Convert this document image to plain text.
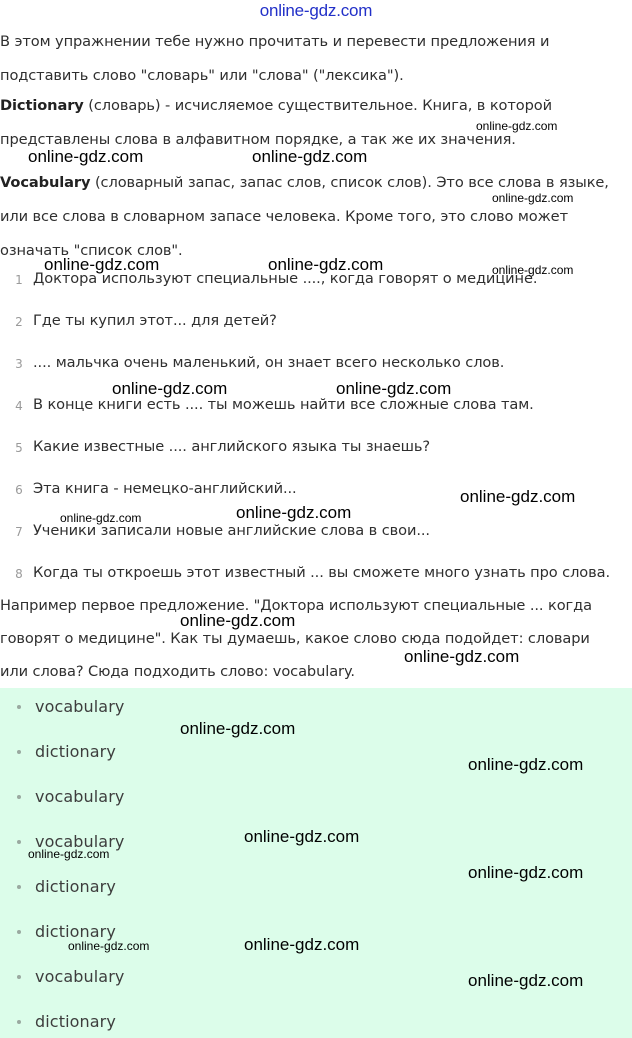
online-gdz.com

В этом упражнении тебе нужно прочитать и перевести предложения и
подставить слово "словарь" или "слова" ("лексика").

Dictionary (словарь) - исчисляемое существительное. Книга, в которой
представлены слова в алфавитном порядке, а так же их значения.

Vocabulary (словарный запас, запас слов, список слов). Это все слова в языке,
или все слова в словарном запасе человека. Кроме того, это слово может
означать "список слов".

1 Доктора используют специальные ...., когда говорят о медицине.
2 Где ты купил этот... для детей?
3 .... мальчка очень маленький, он знает всего несколько слов.
4 В конце книги есть .... ты можешь найти все сложные слова там.
5 Какие известные .... английского языка ты знаешь?
6 Эта книга - немецко-английский...
7 Ученики записали новые английские слова в свои...
8 Когда ты откроешь этот известный ... вы сможете много узнать про слова.

Например первое предложение. "Доктора используют специальные ... когда
говорят о медицине". Как ты думаешь, какое слово сюда подойдет: словари
или слова? Сюда подходить слово: vocabulary.

vocabulary
dictionary
vocabulary
vocabulary
dictionary
dictionary
vocabulary
dictionary
online-gdz.com
online-gdz.com	online-gdz.com
online-gdz.com
online-gdz.com	online-gdz.com	online-gdz.com
online-gdz.com	online-gdz.com
online-gdz.com
online-gdz.com
online-gdz.com
online-gdz.com
online-gdz.com
online-gdz.com
online-gdz.com
online-gdz.com
online-gdz.com
online-gdz.com
online-gdz.com
online-gdz.com
online-gdz.com
